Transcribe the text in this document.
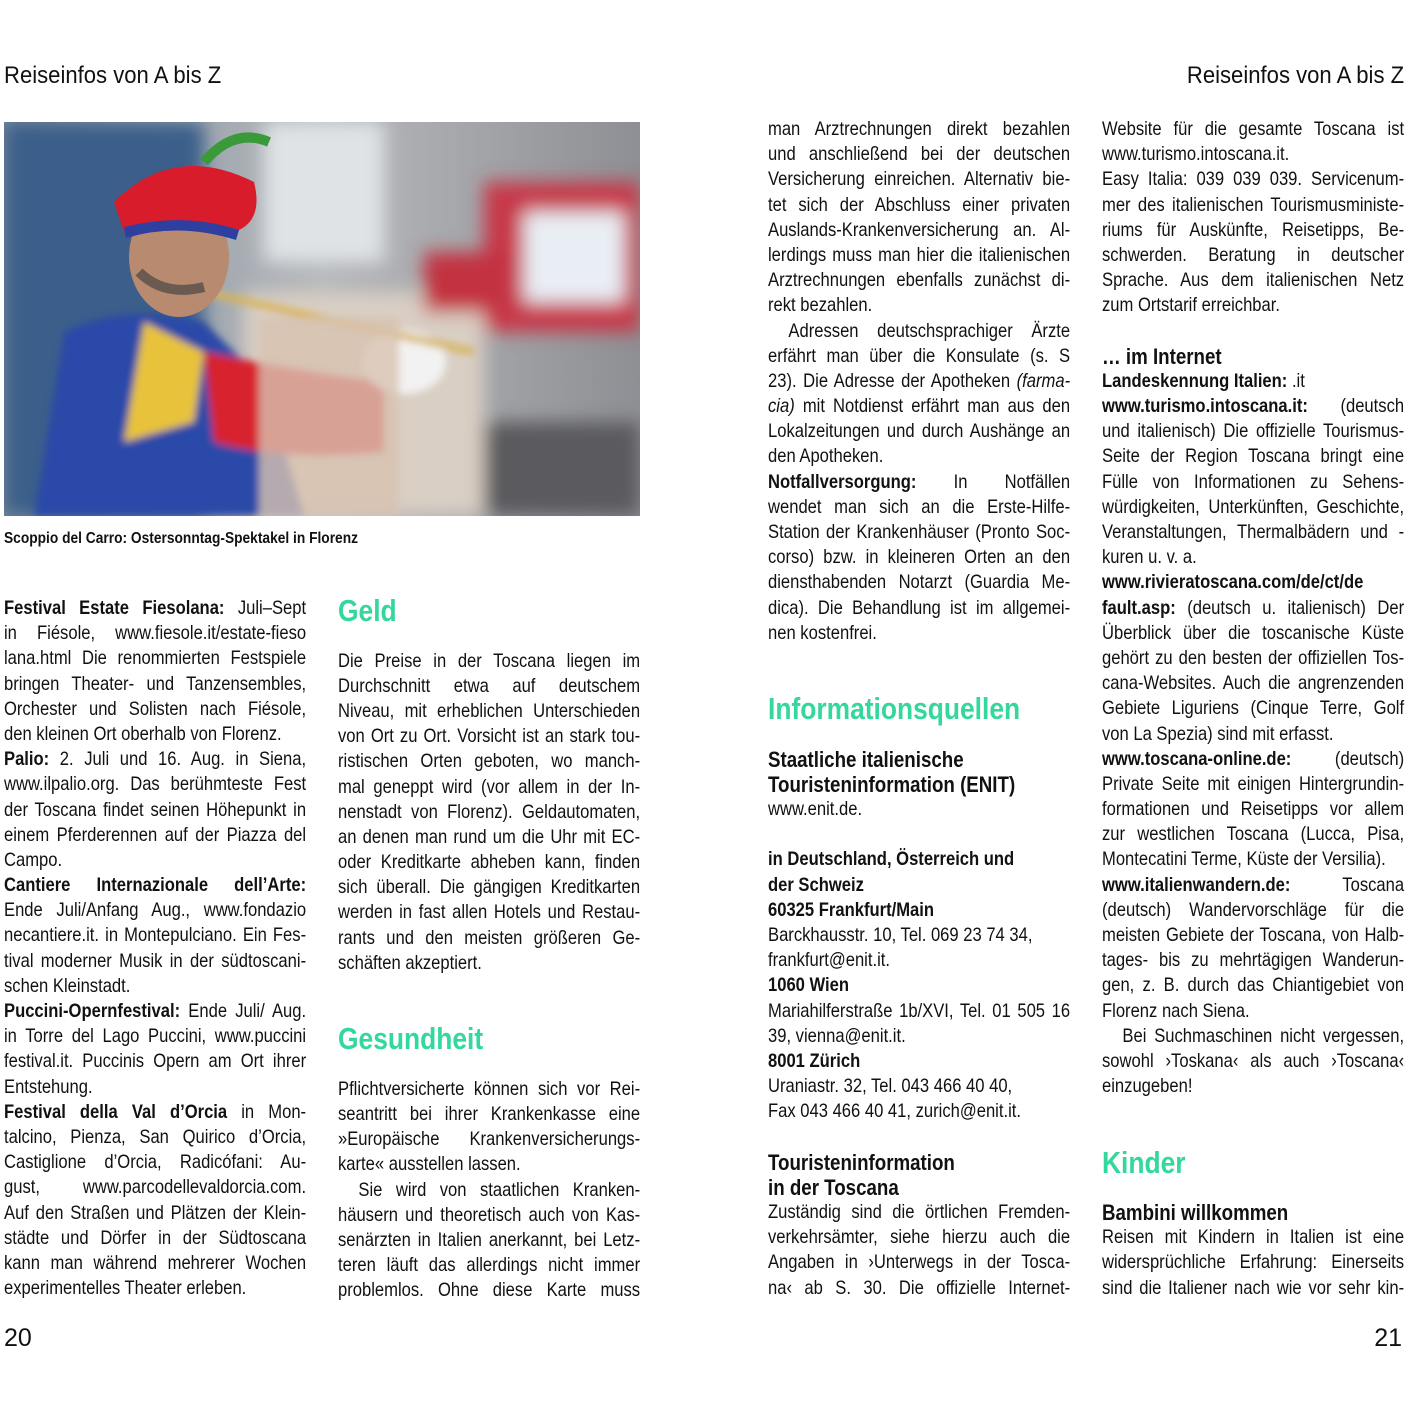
Reiseinfos von A bis Z	Reiseinfos von A bis Z
Scoppio del Carro: Ostersonntag-Spektakel in Florenz
Festival Estate Fiesolana: Juli–Sept
in Fiésole, www.fiesole.it/estate-fieso
lana.html Die renommierten Festspiele
bringen Theater- und Tanzensembles,
Orchester und Solisten nach Fiésole,
den kleinen Ort oberhalb von Florenz.
Palio: 2. Juli und 16. Aug. in Siena,
www.ilpalio.org. Das berühmteste Fest
der Toscana findet seinen Höhepunkt in
einem Pferderennen auf der Piazza del
Campo.
Cantiere Internazionale dell’Arte:
Ende Juli/Anfang Aug., www.fondazio
necantiere.it. in Montepulciano. Ein Fes-
tival moderner Musik in der südtoscani-
schen Kleinstadt.
Puccini-Opernfestival: Ende Juli/ Aug.
in Torre del Lago Puccini, www.puccini
festival.it. Puccinis Opern am Ort ihrer
Entstehung.
Festival della Val d’Orcia in Mon-
talcino, Pienza, San Quirico d’Orcia,
Castiglione d’Orcia, Radicófani: Au-
gust, www.parcodellevaldorcia.com.
Auf den Straßen und Plätzen der Klein-
städte und Dörfer in der Südtoscana
kann man während mehrerer Wochen
experimentelles Theater erleben.
Geld
Die Preise in der Toscana liegen im
Durchschnitt etwa auf deutschem
Niveau, mit erheblichen Unterschieden
von Ort zu Ort. Vorsicht ist an stark tou-
ristischen Orten geboten, wo manch-
mal geneppt wird (vor allem in der In-
nenstadt von Florenz). Geldautomaten,
an denen man rund um die Uhr mit EC-
oder Kreditkarte abheben kann, finden
sich überall. Die gängigen Kreditkarten
werden in fast allen Hotels und Restau-
rants und den meisten größeren Ge-
schäften akzeptiert.
Gesundheit
Pflichtversicherte können sich vor Rei-
seantritt bei ihrer Krankenkasse eine
»Europäische Krankenversicherungs-
karte« ausstellen lassen.
Sie wird von staatlichen Kranken-
häusern und theoretisch auch von Kas-
senärzten in Italien anerkannt, bei Letz-
teren läuft das allerdings nicht immer
problemlos. Ohne diese Karte muss
man Arztrechnungen direkt bezahlen
und anschließend bei der deutschen
Versicherung einreichen. Alternativ bie-
tet sich der Abschluss einer privaten
Auslands-Krankenversicherung an. Al-
lerdings muss man hier die italienischen
Arztrechnungen ebenfalls zunächst di-
rekt bezahlen.
Adressen deutschsprachiger Ärzte
erfährt man über die Konsulate (s. S
23). Die Adresse der Apotheken (farma-
cia) mit Notdienst erfährt man aus den
Lokalzeitungen und durch Aushänge an
den Apotheken.
Notfallversorgung: In Notfällen
wendet man sich an die Erste-Hilfe-
Station der Krankenhäuser (Pronto Soc-
corso) bzw. in kleineren Orten an den
diensthabenden Notarzt (Guardia Me-
dica). Die Behandlung ist im allgemei-
nen kostenfrei.
Informationsquellen
Staatliche italienische
Touristeninformation (ENIT)
www.enit.de.
in Deutschland, Österreich und
der Schweiz
60325 Frankfurt/Main
Barckhausstr. 10, Tel. 069 23 74 34,
frankfurt@enit.it.
1060 Wien
Mariahilferstraße 1b/XVI, Tel. 01 505 16
39, vienna@enit.it.
8001 Zürich
Uraniastr. 32, Tel. 043 466 40 40,
Fax 043 466 40 41, zurich@enit.it.
Touristeninformation
in der Toscana
Zuständig sind die örtlichen Fremden-
verkehrsämter, siehe hierzu auch die
Angaben in ›Unterwegs in der Tosca-
na‹ ab S. 30. Die offizielle Internet-
Website für die gesamte Toscana ist
www.turismo.intoscana.it.
Easy Italia: 039 039 039. Servicenum-
mer des italienischen Tourismusministe-
riums für Auskünfte, Reisetipps, Be-
schwerden. Beratung in deutscher
Sprache. Aus dem italienischen Netz
zum Ortstarif erreichbar.
… im Internet
Landeskennung Italien: .it
www.turismo.intoscana.it: (deutsch
und italienisch) Die offizielle Tourismus-
Seite der Region Toscana bringt eine
Fülle von Informationen zu Sehens-
würdigkeiten, Unterkünften, Geschichte,
Veranstaltungen, Thermalbädern und -
kuren u. v. a.
www.rivieratoscana.com/de/ct/de
fault.asp: (deutsch u. italienisch) Der
Überblick über die toscanische Küste
gehört zu den besten der offiziellen Tos-
cana-Websites. Auch die angrenzenden
Gebiete Liguriens (Cinque Terre, Golf
von La Spezia) sind mit erfasst.
www.toscana-online.de: (deutsch)
Private Seite mit einigen Hintergrundin-
formationen und Reisetipps vor allem
zur westlichen Toscana (Lucca, Pisa,
Montecatini Terme, Küste der Versilia).
www.italienwandern.de: Toscana
(deutsch) Wandervorschläge für die
meisten Gebiete der Toscana, von Halb-
tages- bis zu mehrtägigen Wanderun-
gen, z. B. durch das Chiantigebiet von
Florenz nach Siena.
Bei Suchmaschinen nicht vergessen,
sowohl ›Toskana‹ als auch ›Toscana‹
einzugeben!
Kinder
Bambini willkommen
Reisen mit Kindern in Italien ist eine
widersprüchliche Erfahrung: Einerseits
sind die Italiener nach wie vor sehr kin-
20	21
